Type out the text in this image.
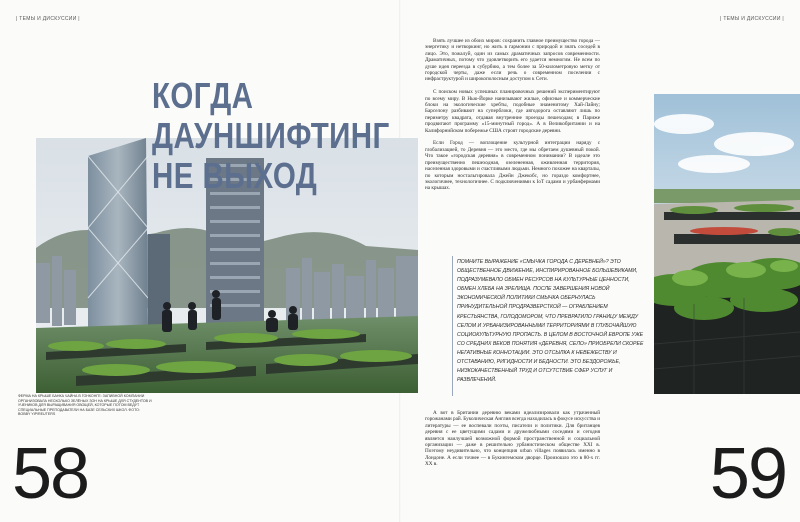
| ТЕМЫ И ДИСКУССИИ |	| ТЕМЫ И ДИСКУССИИ |
КОГДА
ДАУНШИФТИНГ
НЕ ВЫХОД
ФЕРМА НА КРЫШЕ БАНКА ЧАЙНА В ГОНКОНГЕ: ЗАПИВНОЙ КОМПАНИИ ОРГАНИЗОВАЛА НЕСКОЛЬКО ЗЕЛЁНЫХ ЗОН НА КРЫШЕ ДЛЯ СТУДЕНТОВ И УЧЕНИКОВ ДЛЯ ВЫРАЩИВАНИЯ ОВОЩЕЙ, КОТОРЫЕ ПОТОМ ВЕДУТ СПЕЦИАЛЬНЫЕ ПРЕПОДАВАТЕЛИ НА БАЗЕ СЕЛЬСКИХ ШКОЛ. ФОТО: BOBBY YIP/REUTERS
58

Взять лучшее из обоих миров: сохранить главное преимущество города — энергетику и нетворкинг, но жить в гармонии с природой и знать соседей в лицо. Это, пожалуй, один из самых драматичных запросов современности. Драматичных, потому что удовлетворить его удается немногим. Не всем по душе идея переезда в субурбию, а тем более за 50-километровую метку от городской черты, даже если речь о современном поселении с инфраструктурой и широкополосным доступом к Сети.

С поиском новых успешных планировочных решений экспериментируют по всему миру. В Нью-Йорке нанизывают жилые, офисные и коммерческие блоки на экологические хребты, подобные знаменитому Хай-Лайну; Барселону разбивают на суперблоки, где автодорога оставляют лишь по периметру квадрата, отдавая внутренние проезды пешеходам; в Париже продвигают программу «15-минутный город». А в Великобритании и на Калифорнийском побережье США строят городские деревни.

Если Город — воплощение культурной интеграции наряду с глобализацией, то Деревня — это место, где мы обретаем душевный покой. Что такое «городская деревня» в современном понимании? В идеале это преимущественно пешеходная, озелененная, оживленная территория, населенная здоровыми и счастливыми людьми. Немного похожее на кварталы, по которым ностальгировала Джейн Джекобс, но гораздо комфортнее, экологичнее, технологичнее. С подключениями к IoT садами и урбанфермами на крышах.

ПОМНИТЕ ВЫРАЖЕНИЕ «СМЫЧКА ГОРОДА С ДЕРЕВНЕЙ»? ЭТО ОБЩЕСТВЕННОЕ ДВИЖЕНИЕ, ИНСПИРИРОВАННОЕ БОЛЬШЕВИКАМИ, ПОДРАЗУМЕВАЛО ОБМЕН РЕСУРСОВ НА КУЛЬТУРНЫЕ ЦЕННОСТИ, ОБМЕН ХЛЕБА НА ЗРЕЛИЩА. ПОСЛЕ ЗАВЕРШЕНИЯ НОВОЙ ЭКОНОМИЧЕСКОЙ ПОЛИТИКИ СМЫЧКА ОБЕРНУЛАСЬ ПРИНУДИТЕЛЬНОЙ ПРОДРАЗВЕРСТКОЙ — ОГРАБЛЕНИЕМ КРЕСТЬЯНСТВА, ГОЛОДОМОРОМ, ЧТО ПРЕВРАТИЛО ГРАНИЦУ МЕЖДУ СЕЛОМ И УРБАНИЗИРОВАННЫМИ ТЕРРИТОРИЯМИ В ГЛУБОЧАЙШУЮ СОЦИОКУЛЬТУРНУЮ ПРОПАСТЬ. В ЦЕЛОМ В ВОСТОЧНОЙ ЕВРОПЕ УЖЕ СО СРЕДНИХ ВЕКОВ ПОНЯТИЯ «ДЕРЕВНЯ, СЕЛО» ПРИОБРЕЛИ СКОРЕЕ НЕГАТИВНЫЕ КОННОТАЦИИ. ЭТО ОТСЫЛКА К НЕВЕЖЕСТВУ И ОТСТАВАНИЮ, РИГИДНОСТИ И БЕДНОСТИ. ЭТО БЕЗДОРОЖЬЕ, НИЗКОКАЧЕСТВЕННЫЙ ТРУД И ОТСУТСТВИЕ СФЕР УСЛУГ И РАЗВЛЕЧЕНИЙ.

А вот в Британии деревню веками идеализировали как утраченный горожанами рай. Буколическая Англия всегда находилась в фокусе искусства и литературы — ее воспевали поэты, писатели и политики. Для британцев деревня с ее цветущими садами и дружелюбными соседями и сегодня является наилучшей возможной формой пространственной и социальной организации — даже в решительно урбанистическом обществе XXI в. Поэтому неудивительно, что концепция urban villages появилась именно в Лондоне. А если точнее — в Букингемском дворце. Произошло это в 80-х гг. XX в.	59
